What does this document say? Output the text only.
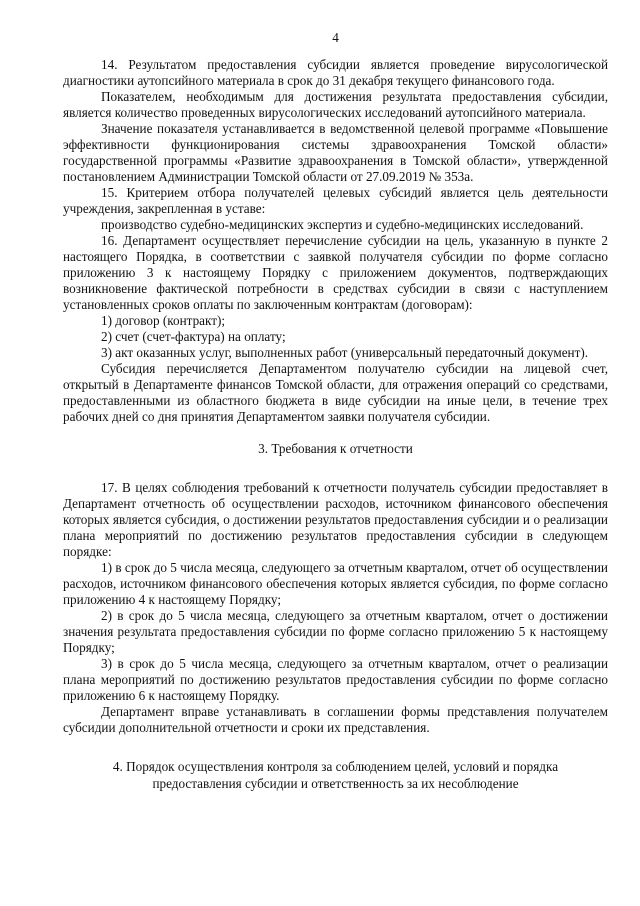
4

14. Результатом предоставления субсидии является проведение вирусологической диагностики аутопсийного материала в срок до 31 декабря текущего финансового года.

Показателем, необходимым для достижения результата предоставления субсидии, является количество проведенных вирусологических исследований аутопсийного материала.

Значение показателя устанавливается в ведомственной целевой программе «Повышение эффективности функционирования системы здравоохранения Томской области» государственной программы «Развитие здравоохранения в Томской области», утвержденной постановлением Администрации Томской области от 27.09.2019 № 353а.

15. Критерием отбора получателей целевых субсидий является цель деятельности учреждения, закрепленная в уставе:

производство судебно-медицинских экспертиз и судебно-медицинских исследований.

16. Департамент осуществляет перечисление субсидии на цель, указанную в пункте 2 настоящего Порядка, в соответствии с заявкой получателя субсидии по форме согласно приложению 3 к настоящему Порядку с приложением документов, подтверждающих возникновение фактической потребности в средствах субсидии в связи с наступлением установленных сроков оплаты по заключенным контрактам (договорам):

1) договор (контракт);

2) счет (счет-фактура) на оплату;

3) акт оказанных услуг, выполненных работ (универсальный передаточный документ).

Субсидия перечисляется Департаментом получателю субсидии на лицевой счет, открытый в Департаменте финансов Томской области, для отражения операций со средствами, предоставленными из областного бюджета в виде субсидии на иные цели, в течение трех рабочих дней со дня принятия Департаментом заявки получателя субсидии.

3. Требования к отчетности

17. В целях соблюдения требований к отчетности получатель субсидии предоставляет в Департамент отчетность об осуществлении расходов, источником финансового обеспечения которых является субсидия, о достижении результатов предоставления субсидии и о реализации плана мероприятий по достижению результатов предоставления субсидии в следующем порядке:

1) в срок до 5 числа месяца, следующего за отчетным кварталом, отчет об осуществлении расходов, источником финансового обеспечения которых является субсидия, по форме согласно приложению 4 к настоящему Порядку;

2) в срок до 5 числа месяца, следующего за отчетным кварталом, отчет о достижении значения результата предоставления субсидии по форме согласно приложению 5 к настоящему Порядку;

3) в срок до 5 числа месяца, следующего за отчетным кварталом, отчет о реализации плана мероприятий по достижению результатов предоставления субсидии по форме согласно приложению 6 к настоящему Порядку.

Департамент вправе устанавливать в соглашении формы представления получателем субсидии дополнительной отчетности и сроки их представления.

4. Порядок осуществления контроля за соблюдением целей, условий и порядка
предоставления субсидии и ответственность за их несоблюдение
